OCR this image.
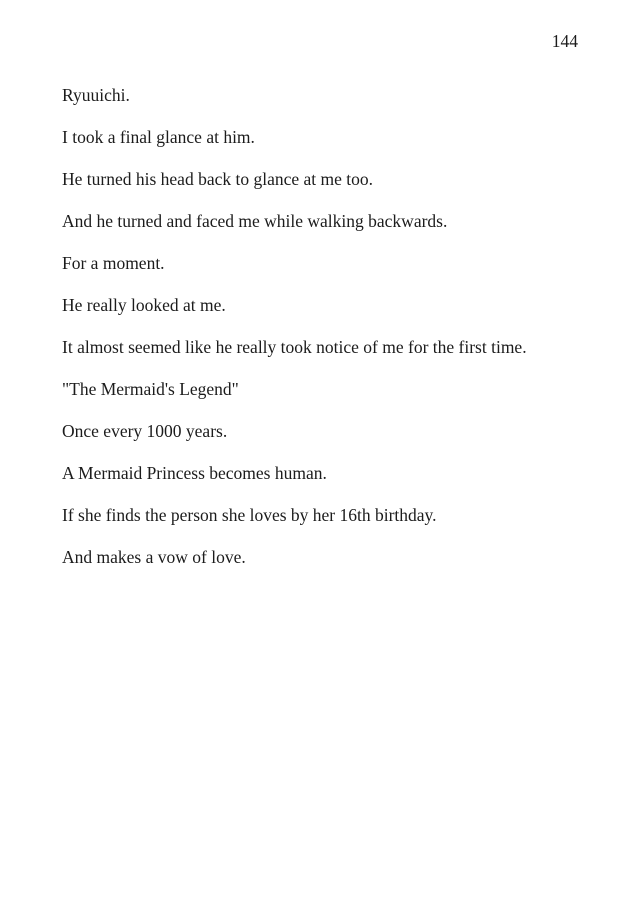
144

Ryuuichi.

I took a final glance at him.

He turned his head back to glance at me too.

And he turned and faced me while walking backwards.

For a moment.

He really looked at me.

It almost seemed like he really took notice of me for the first time.

"The Mermaid's Legend"

Once every 1000 years.

A Mermaid Princess becomes human.

If she finds the person she loves by her 16th birthday.

And makes a vow of love.
